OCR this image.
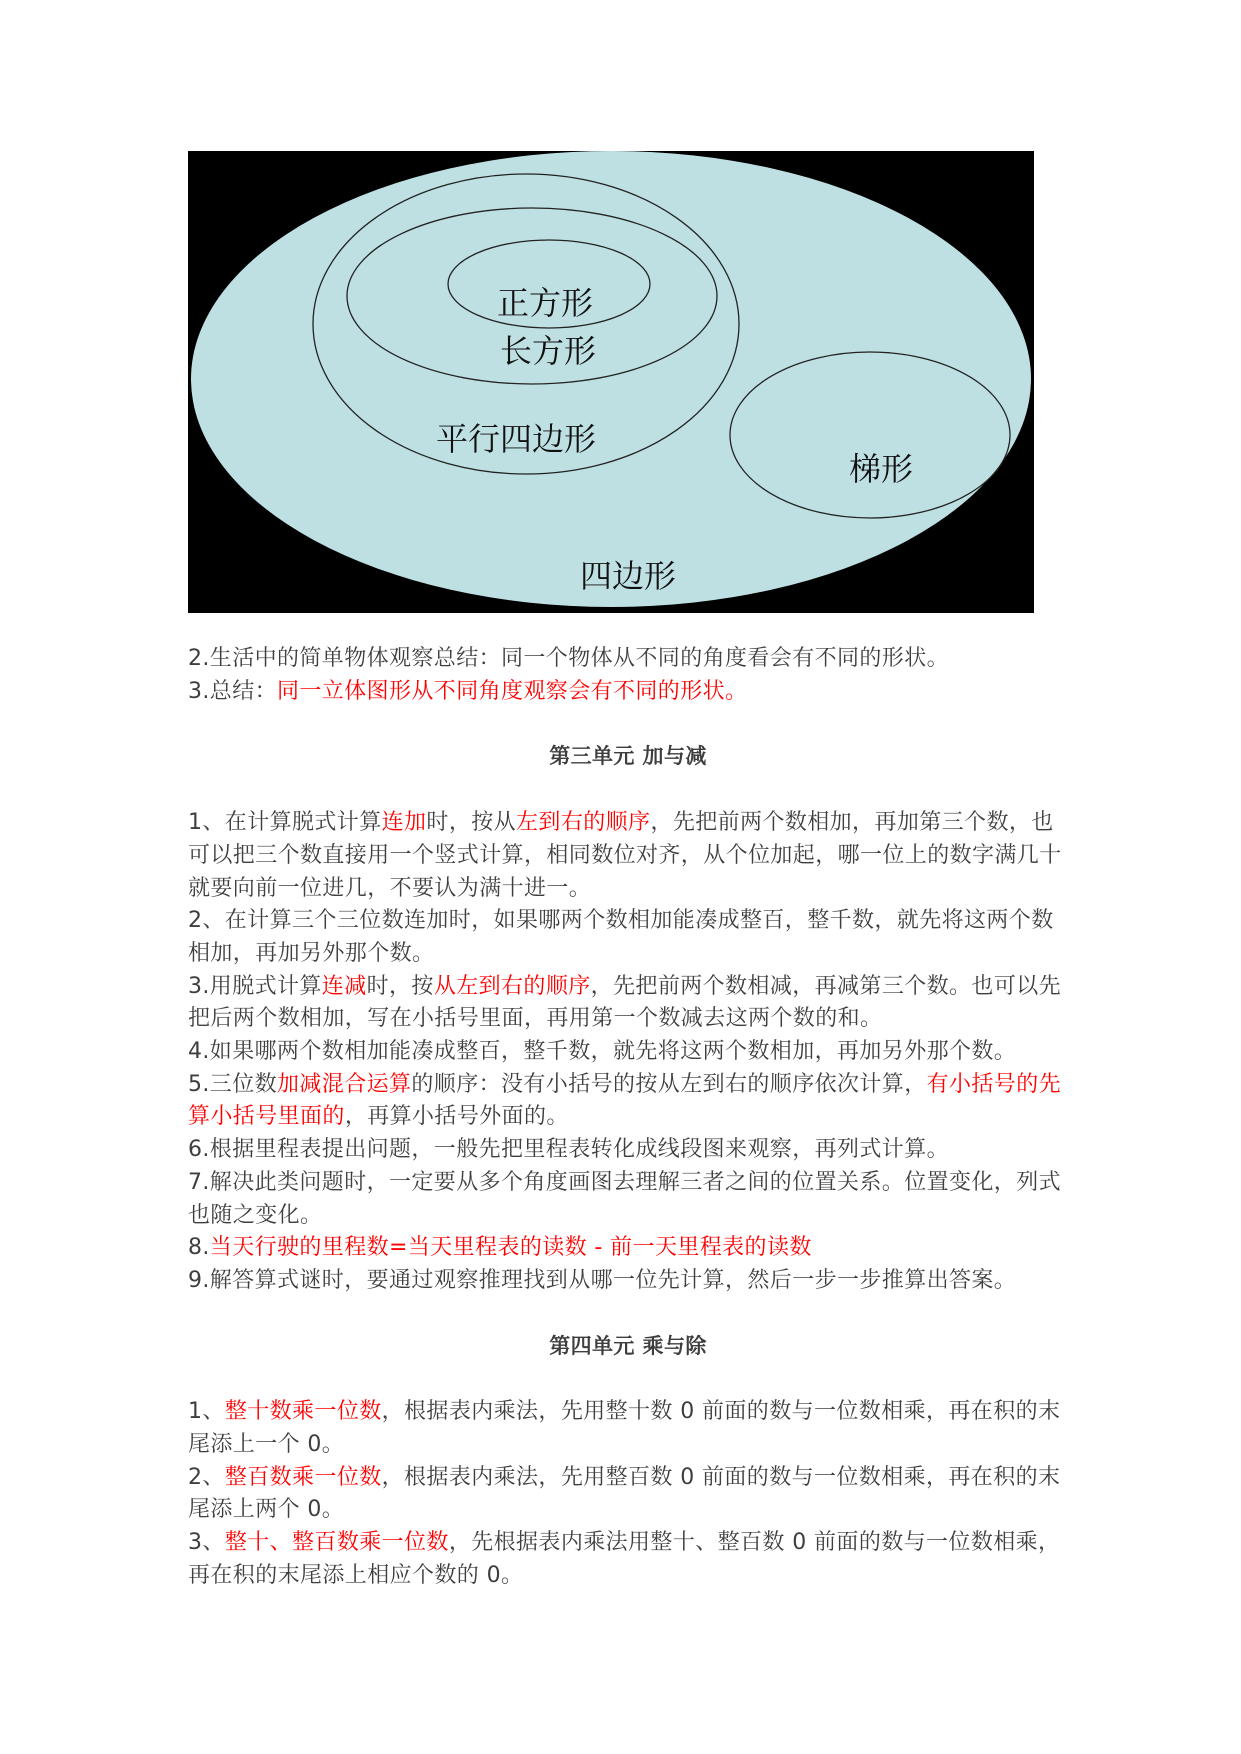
正方形
长方形
平行四边形
梯形
四边形

2.生活中的简单物体观察总结：同一个物体从不同的角度看会有不同的形状。

3.总结：同一立体图形从不同角度观察会有不同的形状。

第三单元 加与减

1、在计算脱式计算连加时，按从左到右的顺序，先把前两个数相加，再加第三个数，也可以把三个数直接用一个竖式计算，相同数位对齐，从个位加起，哪一位上的数字满几十就要向前一位进几，不要认为满十进一。

2、在计算三个三位数连加时，如果哪两个数相加能凑成整百，整千数，就先将这两个数相加，再加另外那个数。

3.用脱式计算连减时，按从左到右的顺序，先把前两个数相减，再减第三个数。也可以先把后两个数相加，写在小括号里面，再用第一个数减去这两个数的和。

4.如果哪两个数相加能凑成整百，整千数，就先将这两个数相加，再加另外那个数。

5.三位数加减混合运算的顺序：没有小括号的按从左到右的顺序依次计算，有小括号的先算小括号里面的，再算小括号外面的。

6.根据里程表提出问题，一般先把里程表转化成线段图来观察，再列式计算。

7.解决此类问题时，一定要从多个角度画图去理解三者之间的位置关系。位置变化，列式也随之变化。

8.当天行驶的里程数=当天里程表的读数 - 前一天里程表的读数

9.解答算式谜时，要通过观察推理找到从哪一位先计算，然后一步一步推算出答案。

第四单元 乘与除

1、整十数乘一位数，根据表内乘法，先用整十数 0 前面的数与一位数相乘，再在积的末尾添上一个 0。

2、整百数乘一位数，根据表内乘法，先用整百数 0 前面的数与一位数相乘，再在积的末尾添上两个 0。

3、整十、整百数乘一位数，先根据表内乘法用整十、整百数 0 前面的数与一位数相乘，再在积的末尾添上相应个数的 0。
